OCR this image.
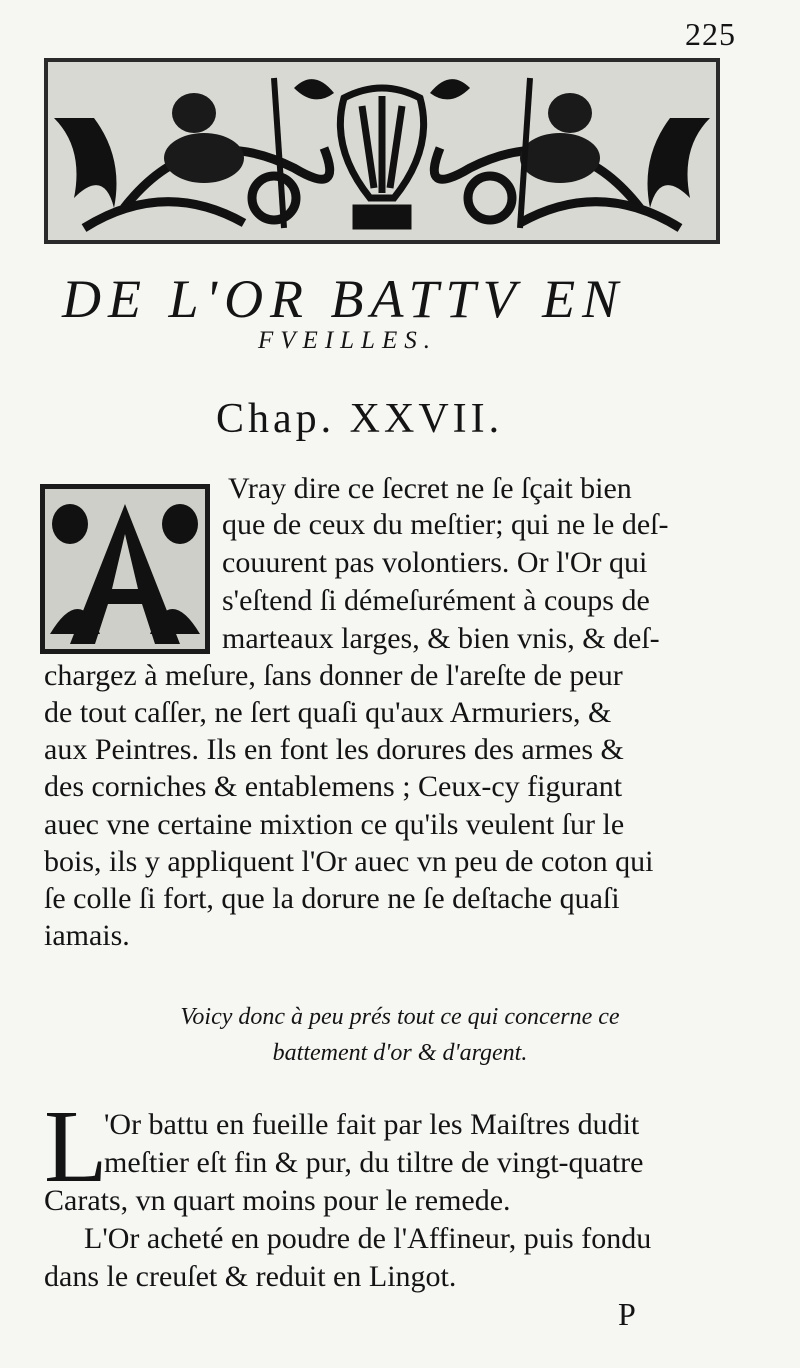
225
DE L'OR BATTV EN
FVEILLES.
Chap. XXVII.
A
Vray dire ce ſecret ne ſe ſçait bien
que de ceux du meſtier; qui ne le deſ-
couurent pas volontiers. Or l'Or qui
s'eſtend ſi démeſurément à coups de
marteaux larges, & bien vnis, & deſ-
chargez à meſure, ſans donner de l'areſte de peur
de tout caſſer, ne ſert quaſi qu'aux Armuriers, &
aux Peintres. Ils en font les dorures des armes &
des corniches & entablemens ; Ceux-cy figurant
auec vne certaine mixtion ce qu'ils veulent ſur le
bois, ils y appliquent l'Or auec vn peu de coton qui
ſe colle ſi fort, que la dorure ne ſe deſtache quaſi
iamais.
Voicy donc à peu prés tout ce qui concerne ce
battement d'or & d'argent.
L
'Or battu en fueille fait par les Maiſtres dudit
meſtier eſt fin & pur, du tiltre de vingt-quatre
Carats, vn quart moins pour le remede.
L'Or acheté en poudre de l'Affineur, puis fondu
dans le creuſet & reduit en Lingot.
P
